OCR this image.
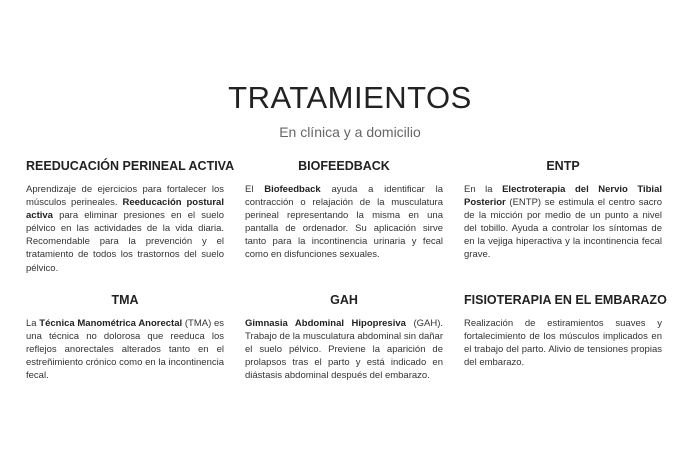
TRATAMIENTOS
En clínica y a domicilio
REEDUCACIÓN PERINEAL ACTIVA

Aprendizaje de ejercicios para fortalecer los músculos perineales. Reeducación postural activa para eliminar presiones en el suelo pélvico en las actividades de la vida diaria. Recomendable para la prevención y el tratamiento de todos los trastornos del suelo pélvico.

BIOFEEDBACK

El Biofeedback ayuda a identificar la contracción o relajación de la musculatura perineal representando la misma en una pantalla de ordenador. Su aplicación sirve tanto para la incontinencia urinaria y fecal como en disfunciones sexuales.

ENTP

En la Electroterapia del Nervio Tibial Posterior (ENTP) se estimula el centro sacro de la micción por medio de un punto a nivel del tobillo. Ayuda a controlar los síntomas de en la vejiga hiperactiva y la incontinencia fecal grave.

TMA

La Técnica Manométrica Anorectal (TMA) es una técnica no dolorosa que reeduca los reflejos anorectales alterados tanto en el estreñimiento crónico como en la incontinencia fecal.

GAH

Gimnasia Abdominal Hipopresiva (GAH). Trabajo de la musculatura abdominal sin dañar el suelo pélvico. Previene la aparición de prolapsos tras el parto y está indicado en diástasis abdominal después del embarazo.

FISIOTERAPIA EN EL EMBARAZO

Realización de estiramientos suaves y fortalecimiento de los músculos implicados en el trabajo del parto. Alivio de tensiones propias del embarazo.
